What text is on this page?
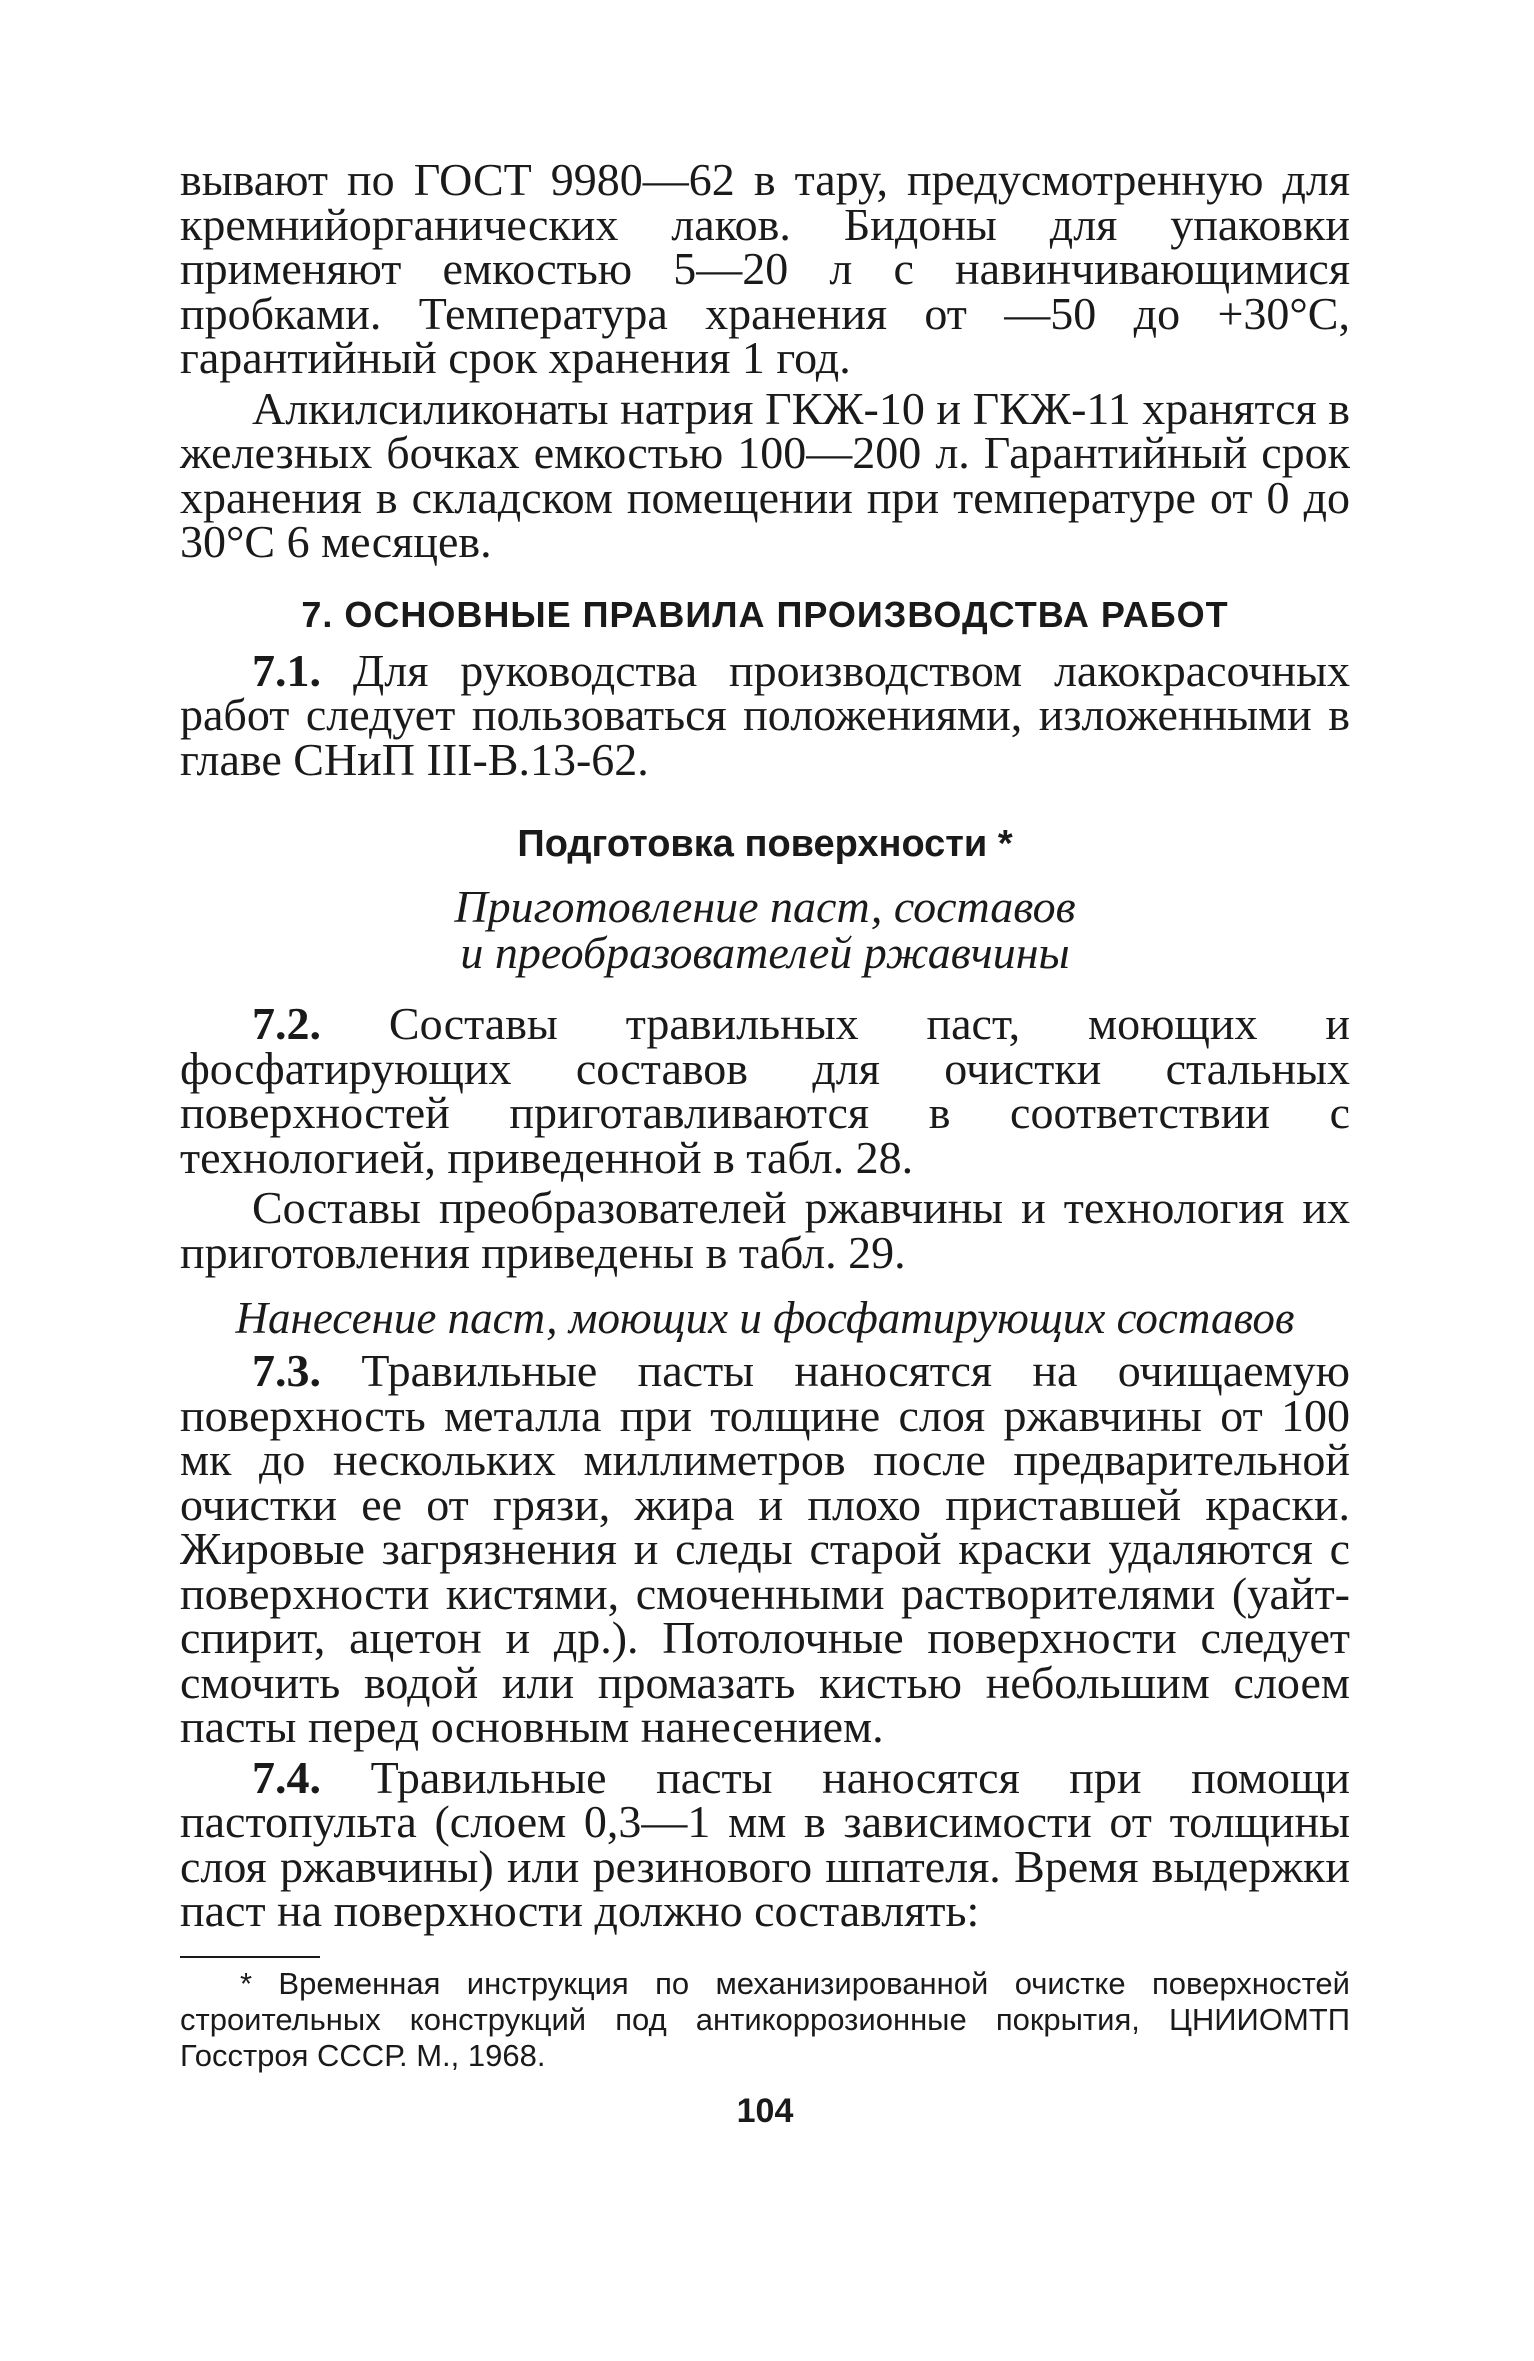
вывают по ГОСТ 9980—62 в тару, предусмотренную для кремнийорганических лаков. Бидоны для упаковки применяют емкостью 5—20 л с навинчивающимися пробками. Температура хранения от —50 до +30°С, гарантийный срок хранения 1 год.

Алкилсиликонаты натрия ГКЖ-10 и ГКЖ-11 хранятся в железных бочках емкостью 100—200 л. Гарантийный срок хранения в складском помещении при температуре от 0 до 30°С 6 месяцев.

7. ОСНОВНЫЕ ПРАВИЛА ПРОИЗВОДСТВА РАБОТ

7.1. Для руководства производством лакокрасочных работ следует пользоваться положениями, изложенными в главе СНиП III-В.13-62.

Подготовка поверхности *
Приготовление паст, составов
и преобразователей ржавчины

7.2. Составы травильных паст, моющих и фосфатирующих составов для очистки стальных поверхностей приготавливаются в соответствии с технологией, приведенной в табл. 28.

Составы преобразователей ржавчины и технология их приготовления приведены в табл. 29.

Нанесение паст, моющих и фосфатирующих составов

7.3. Травильные пасты наносятся на очищаемую поверхность металла при толщине слоя ржавчины от 100 мк до нескольких миллиметров после предварительной очистки ее от грязи, жира и плохо приставшей краски. Жировые загрязнения и следы старой краски удаляются с поверхности кистями, смоченными растворителями (уайт-спирит, ацетон и др.). Потолочные поверхности следует смочить водой или промазать кистью небольшим слоем пасты перед основным нанесением.

7.4. Травильные пасты наносятся при помощи пастопульта (слоем 0,3—1 мм в зависимости от толщины слоя ржавчины) или резинового шпателя. Время выдержки паст на поверхности должно составлять:

* Временная инструкция по механизированной очистке поверхностей строительных конструкций под антикоррозионные покрытия, ЦНИИОМТП Госстроя СССР. М., 1968.
104
